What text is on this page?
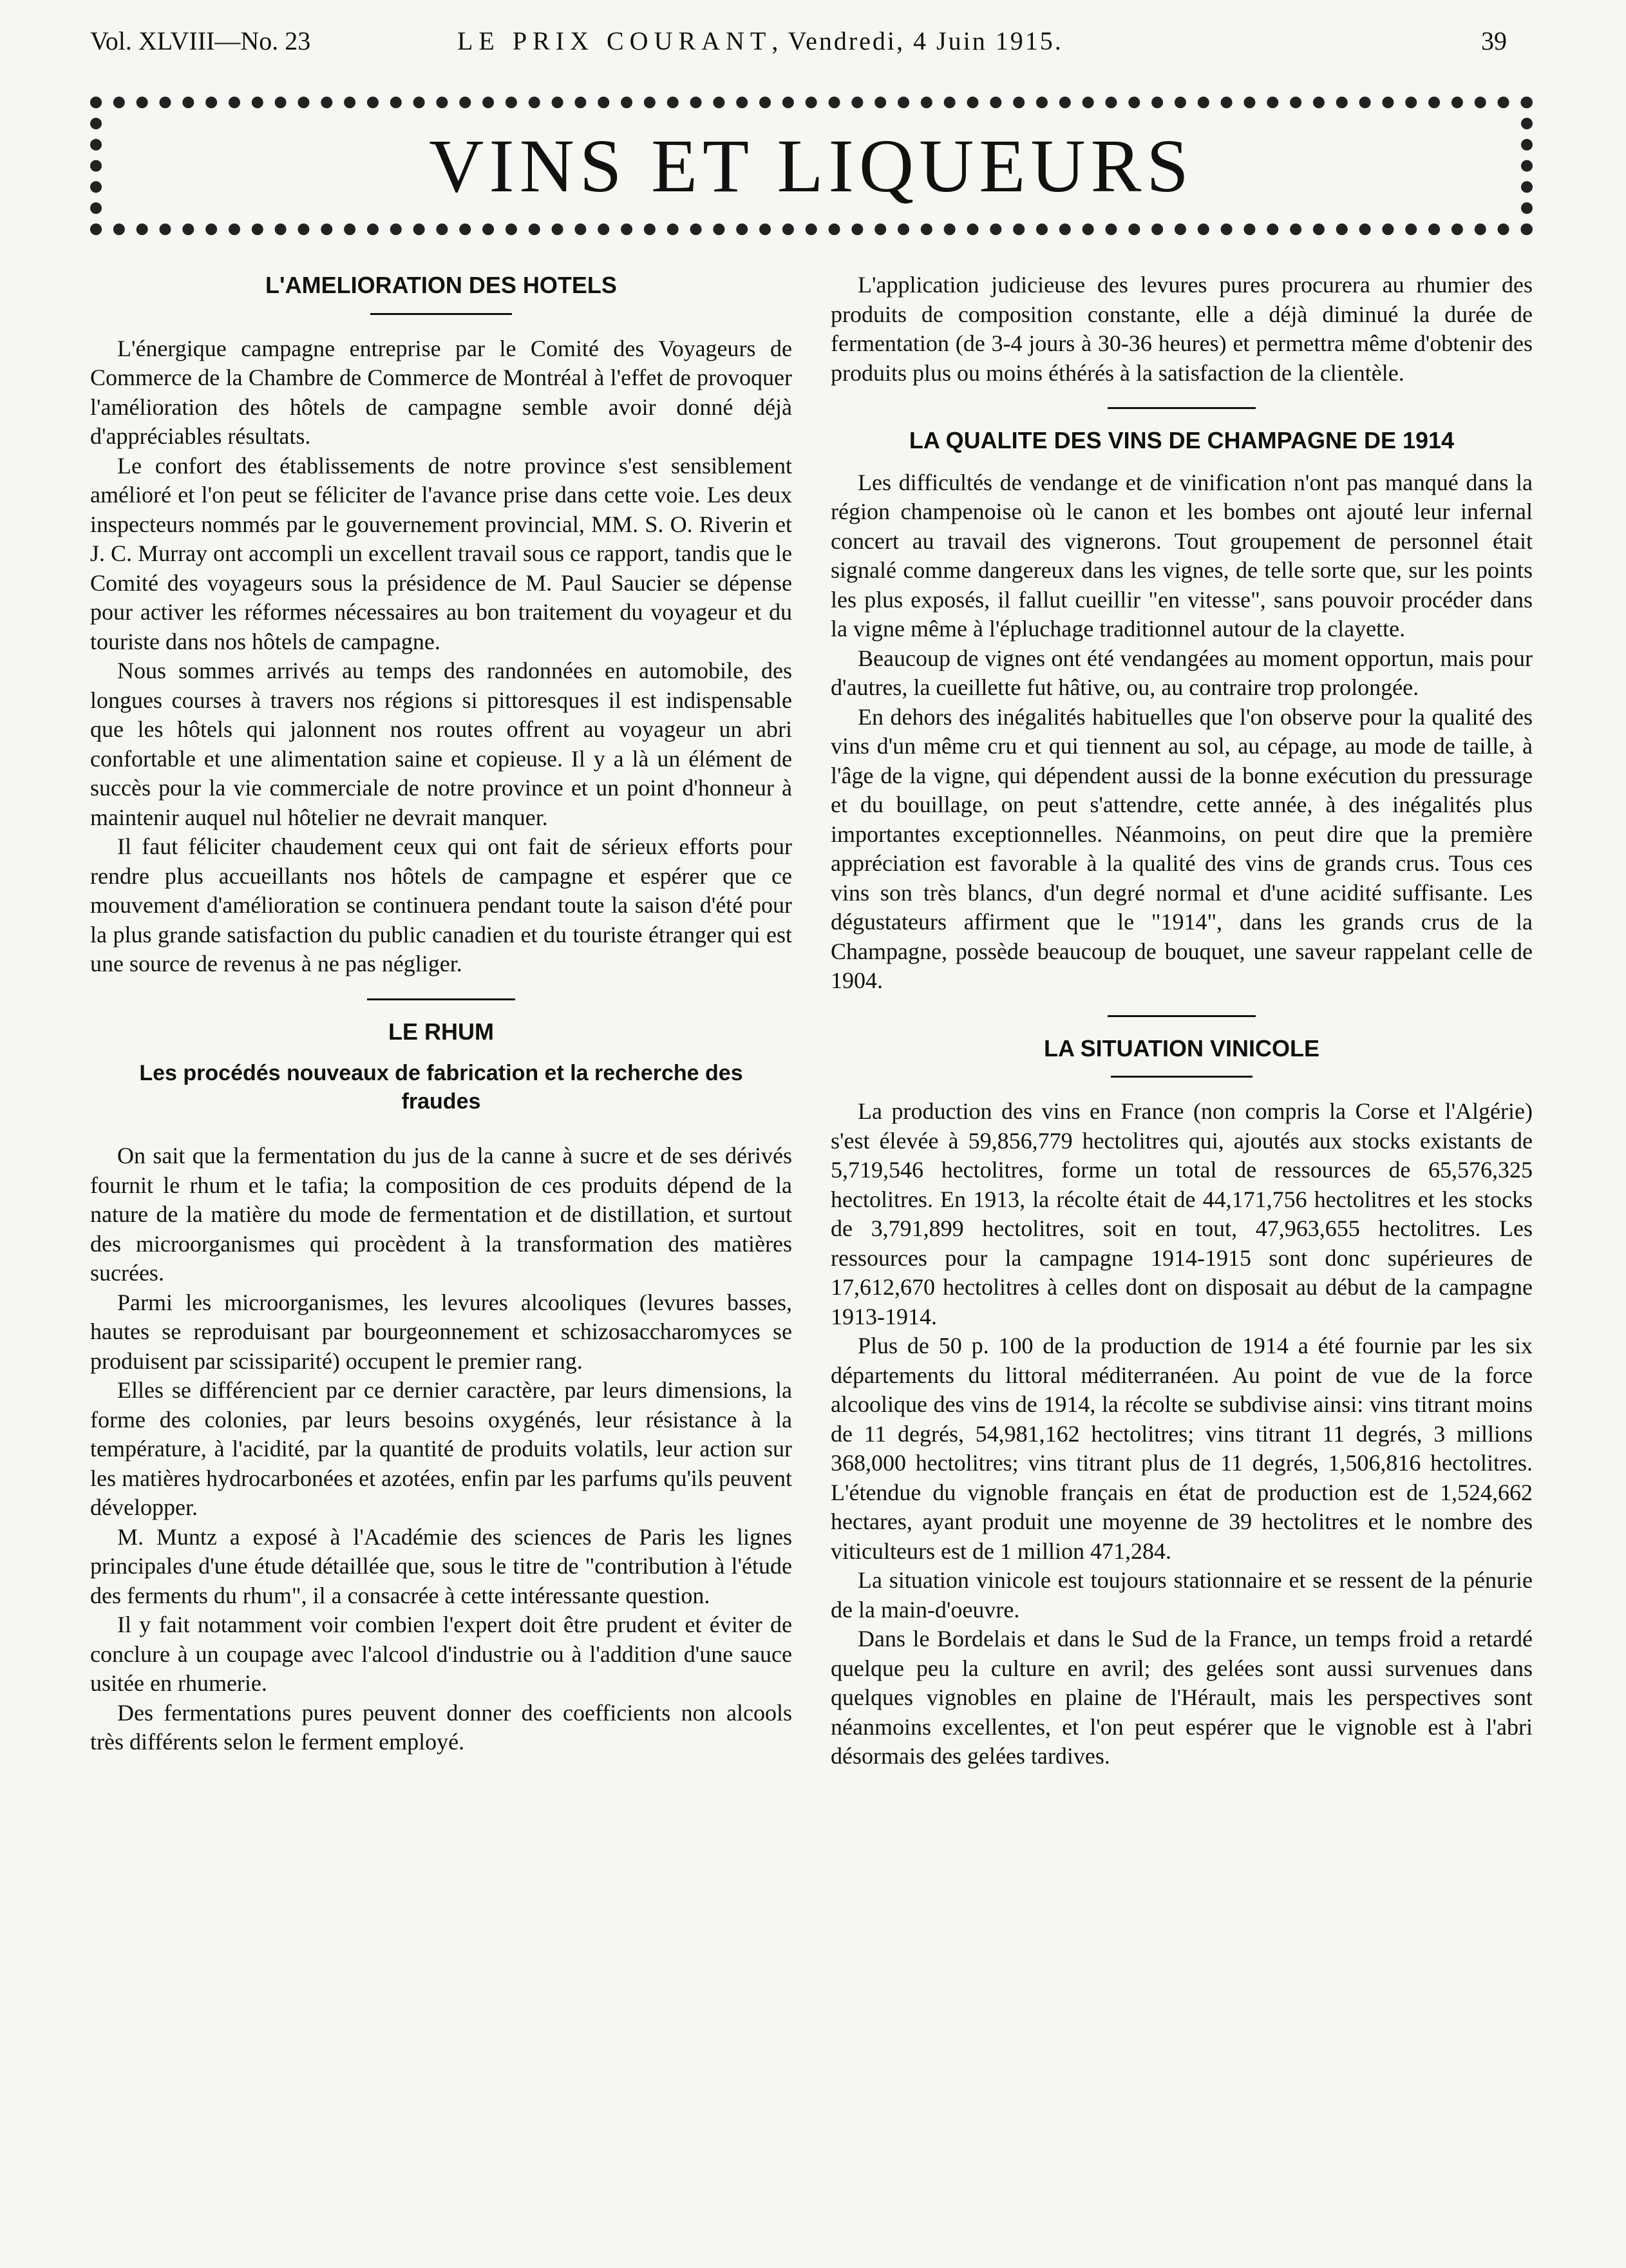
Vol. XLVIII—No. 23	LE PRIX COURANT, Vendredi, 4 Juin 1915.	39
VINS ET LIQUEURS
L'AMELIORATION DES HOTELS

L'énergique campagne entreprise par le Comité des Voyageurs de Commerce de la Chambre de Commerce de Montréal à l'effet de provoquer l'amélioration des hôtels de campagne semble avoir donné déjà d'appréciables résultats.

Le confort des établissements de notre province s'est sensiblement amélioré et l'on peut se féliciter de l'avance prise dans cette voie. Les deux inspecteurs nommés par le gouvernement provincial, MM. S. O. Riverin et J. C. Murray ont accompli un excellent travail sous ce rapport, tandis que le Comité des voyageurs sous la présidence de M. Paul Saucier se dépense pour activer les réformes nécessaires au bon traitement du voyageur et du touriste dans nos hôtels de campagne.

Nous sommes arrivés au temps des randonnées en automobile, des longues courses à travers nos régions si pittoresques il est indispensable que les hôtels qui jalonnent nos routes offrent au voyageur un abri confortable et une alimentation saine et copieuse. Il y a là un élément de succès pour la vie commerciale de notre province et un point d'honneur à maintenir auquel nul hôtelier ne devrait manquer.

Il faut féliciter chaudement ceux qui ont fait de sérieux efforts pour rendre plus accueillants nos hôtels de campagne et espérer que ce mouvement d'amélioration se continuera pendant toute la saison d'été pour la plus grande satisfaction du public canadien et du touriste étranger qui est une source de revenus à ne pas négliger.

LE RHUM
Les procédés nouveaux de fabrication et la recherche des fraudes

On sait que la fermentation du jus de la canne à sucre et de ses dérivés fournit le rhum et le tafia; la composition de ces produits dépend de la nature de la matière du mode de fermentation et de distillation, et surtout des microorganismes qui procèdent à la transformation des matières sucrées.

Parmi les microorganismes, les levures alcooliques (levures basses, hautes se reproduisant par bourgeonnement et schizosaccharomyces se produisent par scissiparité) occupent le premier rang.

Elles se différencient par ce dernier caractère, par leurs dimensions, la forme des colonies, par leurs besoins oxygénés, leur résistance à la température, à l'acidité, par la quantité de produits volatils, leur action sur les matières hydrocarbonées et azotées, enfin par les parfums qu'ils peuvent développer.

M. Muntz a exposé à l'Académie des sciences de Paris les lignes principales d'une étude détaillée que, sous le titre de "contribution à l'étude des ferments du rhum", il a consacrée à cette intéressante question.

Il y fait notamment voir combien l'expert doit être prudent et éviter de conclure à un coupage avec l'alcool d'industrie ou à l'addition d'une sauce usitée en rhumerie.

Des fermentations pures peuvent donner des coefficients non alcools très différents selon le ferment employé.

L'application judicieuse des levures pures procurera au rhumier des produits de composition constante, elle a déjà diminué la durée de fermentation (de 3-4 jours à 30-36 heures) et permettra même d'obtenir des produits plus ou moins éthérés à la satisfaction de la clientèle.

LA QUALITE DES VINS DE CHAMPAGNE DE 1914

Les difficultés de vendange et de vinification n'ont pas manqué dans la région champenoise où le canon et les bombes ont ajouté leur infernal concert au travail des vignerons. Tout groupement de personnel était signalé comme dangereux dans les vignes, de telle sorte que, sur les points les plus exposés, il fallut cueillir "en vitesse", sans pouvoir procéder dans la vigne même à l'épluchage traditionnel autour de la clayette.

Beaucoup de vignes ont été vendangées au moment opportun, mais pour d'autres, la cueillette fut hâtive, ou, au contraire trop prolongée.

En dehors des inégalités habituelles que l'on observe pour la qualité des vins d'un même cru et qui tiennent au sol, au cépage, au mode de taille, à l'âge de la vigne, qui dépendent aussi de la bonne exécution du pressurage et du bouillage, on peut s'attendre, cette année, à des inégalités plus importantes exceptionnelles. Néanmoins, on peut dire que la première appréciation est favorable à la qualité des vins de grands crus. Tous ces vins son très blancs, d'un degré normal et d'une acidité suffisante. Les dégustateurs affirment que le "1914", dans les grands crus de la Champagne, possède beaucoup de bouquet, une saveur rappelant celle de 1904.

LA SITUATION VINICOLE

La production des vins en France (non compris la Corse et l'Algérie) s'est élevée à 59,856,779 hectolitres qui, ajoutés aux stocks existants de 5,719,546 hectolitres, forme un total de ressources de 65,576,325 hectolitres. En 1913, la récolte était de 44,171,756 hectolitres et les stocks de 3,791,899 hectolitres, soit en tout, 47,963,655 hectolitres. Les ressources pour la campagne 1914-1915 sont donc supérieures de 17,612,670 hectolitres à celles dont on disposait au début de la campagne 1913-1914.

Plus de 50 p. 100 de la production de 1914 a été fournie par les six départements du littoral méditerranéen. Au point de vue de la force alcoolique des vins de 1914, la récolte se subdivise ainsi: vins titrant moins de 11 degrés, 54,981,162 hectolitres; vins titrant 11 degrés, 3 millions 368,000 hectolitres; vins titrant plus de 11 degrés, 1,506,816 hectolitres. L'étendue du vignoble français en état de production est de 1,524,662 hectares, ayant produit une moyenne de 39 hectolitres et le nombre des viticulteurs est de 1 million 471,284.

La situation vinicole est toujours stationnaire et se ressent de la pénurie de la main-d'oeuvre.

Dans le Bordelais et dans le Sud de la France, un temps froid a retardé quelque peu la culture en avril; des gelées sont aussi survenues dans quelques vignobles en plaine de l'Hérault, mais les perspectives sont néanmoins excellentes, et l'on peut espérer que le vignoble est à l'abri désormais des gelées tardives.
